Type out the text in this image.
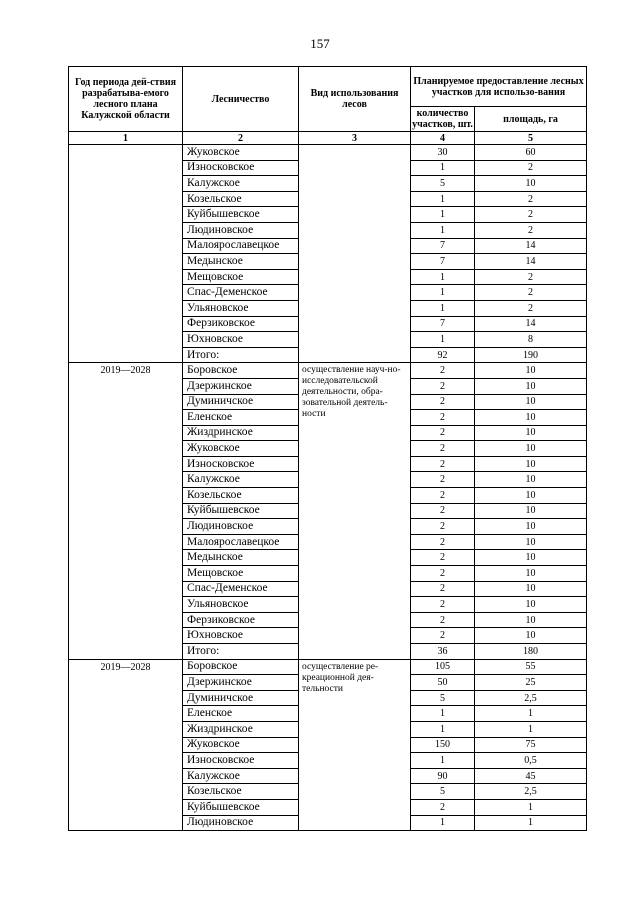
157
Год периода дей-ствия разрабатыва-емого лесного плана Калужской области	Лесничество	Вид использования лесов	Планируемое предоставление лесных участков для использо-вания	
			количество участков, шт.	площадь, га
1	2	3	4	5
	Жуковское		30	60
	Износковское		1	2
	Калужское		5	10
	Козельское		1	2
	Куйбышевское		1	2
	Людиновское		1	2
	Малоярославецкое		7	14
	Медынское		7	14
	Мещовское		1	2
	Спас-Деменское		1	2
	Ульяновское		1	2
	Ферзиковское		7	14
	Юхновское		1	8
	Итого:		92	190
2019—2028	Боровское	осуществление науч-но-исследовательской деятельности, обра-зовательной деятель-ности	2	10
	Дзержинское		2	10
	Думиничское		2	10
	Еленское		2	10
	Жиздринское		2	10
	Жуковское		2	10
	Износковское		2	10
	Калужское		2	10
	Козельское		2	10
	Куйбышевское		2	10
	Людиновское		2	10
	Малоярославецкое		2	10
	Медынское		2	10
	Мещовское		2	10
	Спас-Деменское		2	10
	Ульяновское		2	10
	Ферзиковское		2	10
	Юхновское		2	10
	Итого:		36	180
2019—2028	Боровское	осуществление ре-креационной дея-тельности	105	55
	Дзержинское		50	25
	Думиничское		5	2,5
	Еленское		1	1
	Жиздринское		1	1
	Жуковское		150	75
	Износковское		1	0,5
	Калужское		90	45
	Козельское		5	2,5
	Куйбышевское		2	1
	Людиновское		1	1
